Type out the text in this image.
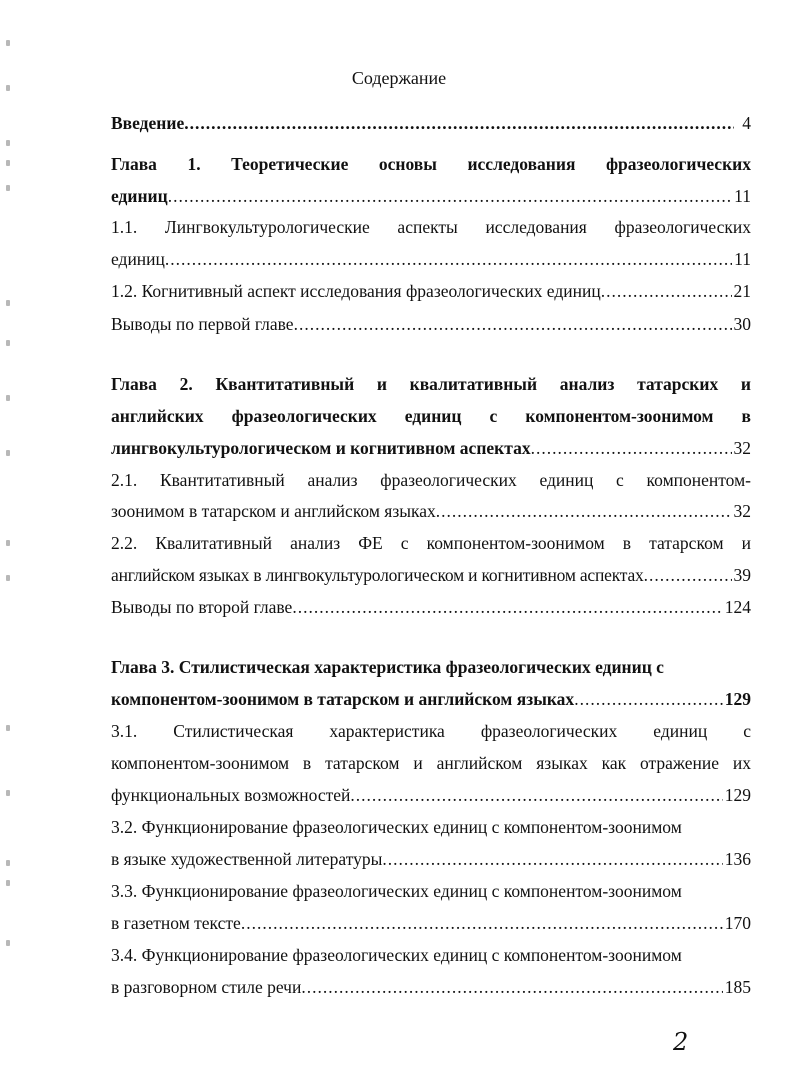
Содержание
Введение .....	4
Глава 1. Теоретические основы исследования фразеологических
единиц .....	11
1.1. Лингвокультурологические аспекты исследования фразеологических
единиц .....	11
1.2. Когнитивный аспект исследования фразеологических единиц .....	21
Выводы по первой главе .....	30
Глава 2. Квантитативный и квалитативный анализ татарских и
английских фразеологических единиц с компонентом-зоонимом в
лингвокультурологическом и когнитивном аспектах .....	32
2.1. Квантитативный анализ фразеологических единиц с компонентом-
зоонимом в татарском и английском языках .....	32
2.2. Квалитативный анализ ФЕ с компонентом-зоонимом в татарском и
английском языках в лингвокультурологическом и когнитивном аспектах .....	39
Выводы по второй главе .....	124
Глава 3. Стилистическая характеристика фразеологических единиц с
компонентом-зоонимом в татарском и английском языках .....	129
3.1. Стилистическая характеристика фразеологических единиц с
компонентом-зоонимом в татарском и английском языках как отражение их
функциональных возможностей .....	129
3.2. Функционирование фразеологических единиц с компонентом-зоонимом
в языке художественной литературы .....	136
3.3. Функционирование фразеологических единиц с компонентом-зоонимом
в газетном тексте .....	170
3.4. Функционирование фразеологических единиц с компонентом-зоонимом
в разговорном стиле речи .....	185
2
